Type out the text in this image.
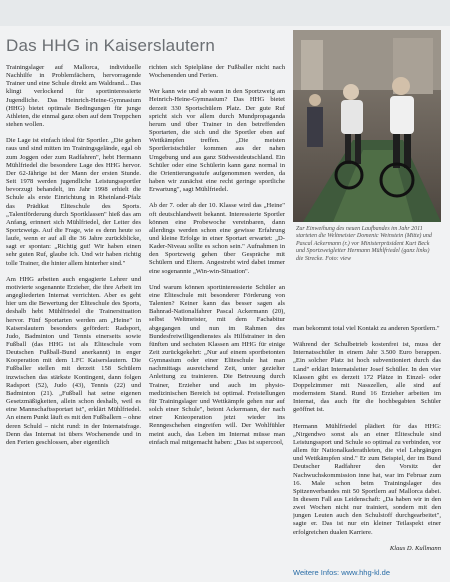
Das HHG in Kaiserslautern

Trainingslager auf Mallorca, individuelle Nachhilfe in Problemfächern, hervorragende Trainer und eine Schule direkt am Waldrand... Das klingt verlockend für sportinteressierte Jugendliche. Das Heinrich-Heine-Gymnasium (HHG) bietet optimale Bedingungen für junge Athleten, die einmal ganz oben auf dem Treppchen stehen wollen.

Die Lage ist einfach ideal für Sportler. „Die gehen raus und sind mitten im Trainingsgelände, egal ob zum Joggen oder zum Radfahren", hebt Hermann Mühlfriedel die besondere Lage des HHG hervor. Der 62-Jährige ist der Mann der ersten Stunde. Seit 1978 werden jugendliche Leistungssportler bevorzugt behandelt, im Jahr 1998 erhielt die Schule als erste Einrichtung in Rheinland-Pfalz das Prädikat Eliteschule des Sports. „Talentförderung durch Sportklassen" hieß das am Anfang, erinnert sich Mühlfriedel, der Leiter des Sportzweigs. Auf die Frage, wie es denn heute so laufe, wenn er auf all die 36 Jahre zurückblicke, sagt er spontan: „Richtig gut! Wir haben einen sehr guten Ruf, glaube ich. Und wir haben richtig tolle Trainer, die hinter allem hinterher sind."

Am HHG arbeiten auch engagierte Lehrer und motivierte sogenannte Erzieher, die ihre Arbeit im angegliederten Internat verrichten. Aber es geht hier um die Bewertung der Eliteschule des Sports, deshalb hebt Mühlfriedel die Trainersituation hervor. Fünf Sportarten werden am „Heine" in Kaiserslautern besonders gefördert: Radsport, Judo, Badminton und Tennis einerseits sowie Fußball (das HHG ist als Eliteschule vom Deutschen Fußball-Bund anerkannt) in enger Kooperation mit dem 1.FC Kaiserslautern. Die Fußballer stellen mit derzeit 158 Schülern inzwischen das stärkste Kontingent, dann folgen Radsport (52), Judo (43), Tennis (22) und Badminton (21). „Fußball hat seine eigenen Gesetzmäßigkeiten, allein schon deshalb, weil es eine Mannschaftssportart ist", erklärt Mühlfriedel. An einem Punkt läuft es mit den Fußballern – ohne deren Schuld – nicht rund: in der Internatsfrage. Denn das Internat ist übers Wochenende und in den Ferien geschlossen, aber eigentlich

richten sich Spielpläne der Fußballer nicht nach Wochenenden und Ferien.

Wer kann wie und ab wann in den Sportzweig am Heinrich-Heine-Gymnasium? Das HHG bietet derzeit 330 Sportschülern Platz. Der gute Ruf spricht sich vor allem durch Mundpropaganda herum und über Trainer in den betreffenden Sportarten, die sich und die Sportler eben auf Wettkämpfen treffen. „Die meisten Sportleristschüler kommen aus der nahen Umgebung und aus ganz Südwestdeutschland. Ein Schüler oder eine Schülerin kann ganz normal in die Orientierungsstufe aufgenommen werden, da haben wir zunächst eine recht geringe sportliche Erwartung", sagt Mühlfriedel.

Ab der 7. oder ab der 10. Klasse wird das „Heine" oft deutschlandweit bekannt. Interessierte Sportler können eine Probewoche vereinbaren, dann allerdings werden schon eine gewisse Erfahrung und kleine Erfolge in einer Sportart erwartet: „D-Kader-Niveau sollte es schon sein." Aufnahmen in den Sportzweig gehen über Gespräche mit Schülern und Eltern. Angestrebt wird dabei immer eine sogenannte „Win-win-Situation".

Und warum können sportinteressierte Schüler an eine Eliteschule mit besonderer Förderung von Talenten? Keiner kann das besser sagen als Bahnrad-Nationalfahrer Pascal Ackermann (20), selbst Weltmeister, mit dem Fachabitur abgegangen und nun im Rahmen des Bundesfreiwilligendienstes als Hilfstrainer in den fünften und sechsten Klassen am HHG für einige Zeit zurückgekehrt: „Nur auf einem sportbetonten Gymnasium oder einer Eliteschule hat man nachmittags ausreichend Zeit, unter gezielter Anleitung zu trainieren. Die Betreuung durch Trainer, Erzieher und auch im physio-medizinischen Bereich ist optimal. Freistellungen für Trainingslager und Wettkämpfe gehen nur auf solch einer Schule", betont Ackermann, der nach einer Knieoperation jetzt wieder ins Renngeschehen eingreifen will. Der Wohlfühler meint auch, das Leben im Internat müsse man einfach mal mitgemacht haben: „Das ist supercool,

Zur Einweihung des neuen Laufbandes im Jahr 2011 starteten die Weltmeister Domenic Weinstein (Mitte) und Pascal Ackermann (r.) vor Ministerpräsident Kurt Beck und Sportzweigleiter Hermann Mühlfriedel (ganz links) die Strecke. Foto: view

man bekommt total viel Kontakt zu anderen Sportlern."

Während der Schulbetrieb kostenfrei ist, muss der Internatsschüler in einem Jahr 3.500 Euro berappen. „Ein solcher Platz ist hoch subventioniert durch das Land" erklärt Internatsleiter Josef Schüller. In den vier Klassen gibt es derzeit 172 Plätze in Einzel- oder Doppelzimmer mit Nasszellen, alle sind auf modernstem Stand. Rund 16 Erzieher arbeiten im Internat, das auch für die hochbegabten Schüler geöffnet ist.

Hermann Mühlfriedel plädiert für das HHG: „Nirgendwo sonst als an einer Eliteschule sind Leistungssport und Schule so optimal zu verbinden, vor allem für Nationalkaderathleten, die viel Lehrgängen und Wettkämpfen sind." Er zum Beispiel, der im Bund Deutscher Radfahrer den Vorsitz der Nachwuchskommission inne hat, war im Februar zum 16. Male schon beim Trainingslager des Spitzenverbandes mit 50 Sportlern auf Mallorca dabei. In diesem Fall aus Leidenschaft: „Da haben wir in den zwei Wochen nicht nur trainiert, sondern mit den jungen Leuten auch den Schulstoff durchgearbeitet", sagte er. Das ist nur ein kleiner Teilaspekt einer erfolgreichen dualen Karriere.

Klaus D. Kullmann
Weitere Infos: www.hhg-kl.de
